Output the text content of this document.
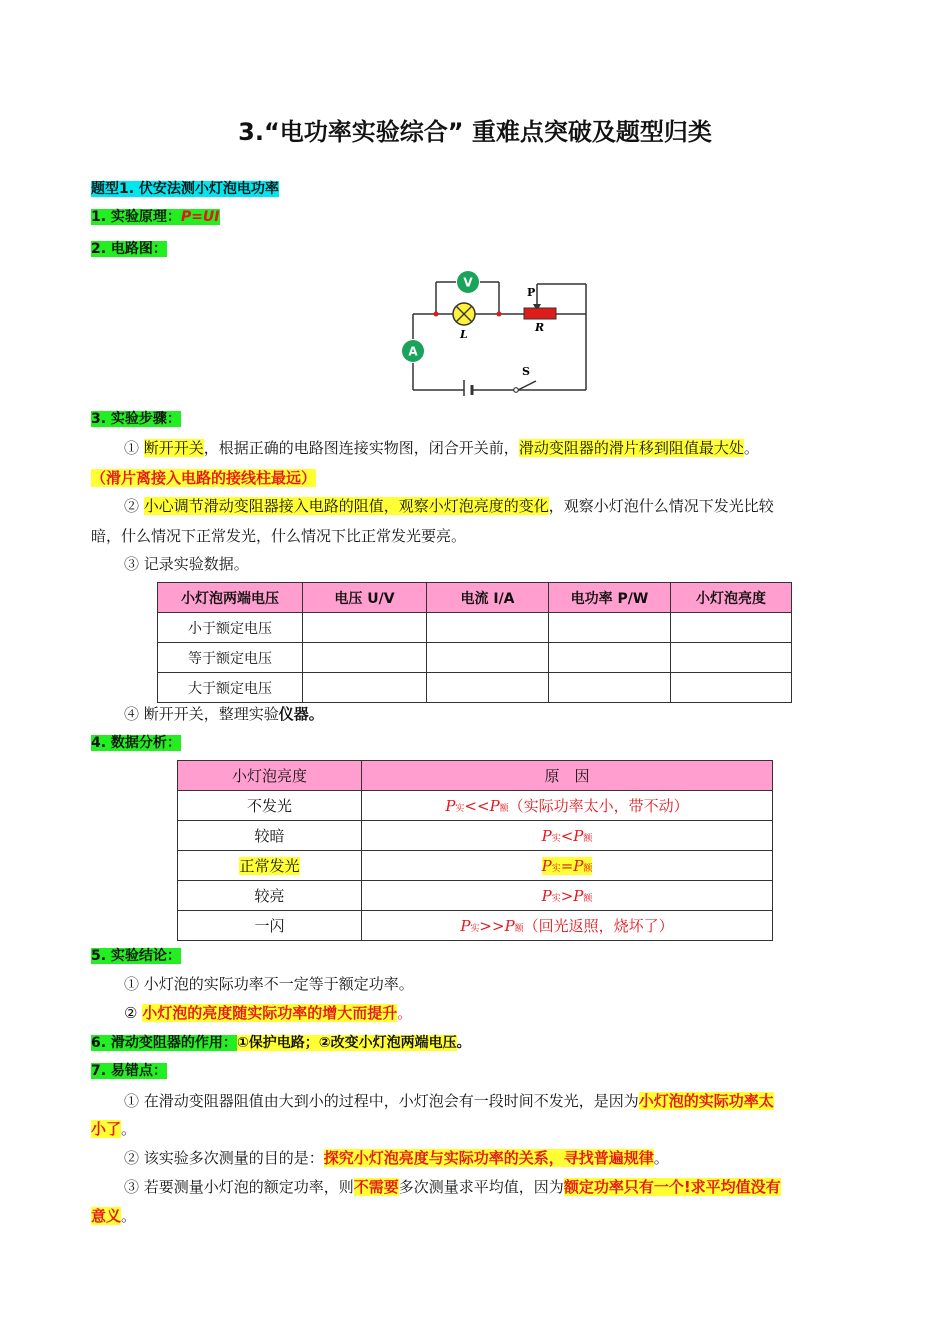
3.“电功率实验综合” 重难点突破及题型归类
题型1. 伏安法测小灯泡电功率
1. 实验原理：P=UI
2. 电路图：
S
P
R
L
V
A
3. 实验步骤：
① 断开开关，根据正确的电路图连接实物图，闭合开关前，滑动变阻器的滑片移到阻值最大处。
（滑片离接入电路的接线柱最远）
② 小心调节滑动变阻器接入电路的阻值，观察小灯泡亮度的变化，观察小灯泡什么情况下发光比较
暗，什么情况下正常发光，什么情况下比正常发光要亮。
③ 记录实验数据。
小灯泡两端电压	电压 U/V	电流 I/A	电功率 P/W	小灯泡亮度
小于额定电压				
等于额定电压				
大于额定电压				
④ 断开开关，整理实验仪器。
4. 数据分析：
小灯泡亮度	原　因
不发光	P实<<P额（实际功率太小，带不动）
较暗	P实<P额
正常发光	P实=P额
较亮	P实>P额
一闪	P实>>P额（回光返照，烧坏了）
5. 实验结论：
① 小灯泡的实际功率不一定等于额定功率。
② 小灯泡的亮度随实际功率的增大而提升。
6. 滑动变阻器的作用：①保护电路；②改变小灯泡两端电压。
7. 易错点：
① 在滑动变阻器阻值由大到小的过程中，小灯泡会有一段时间不发光，是因为小灯泡的实际功率太
小了。
② 该实验多次测量的目的是：探究小灯泡亮度与实际功率的关系，寻找普遍规律。
③ 若要测量小灯泡的额定功率，则不需要多次测量求平均值，因为额定功率只有一个!求平均值没有
意义。
